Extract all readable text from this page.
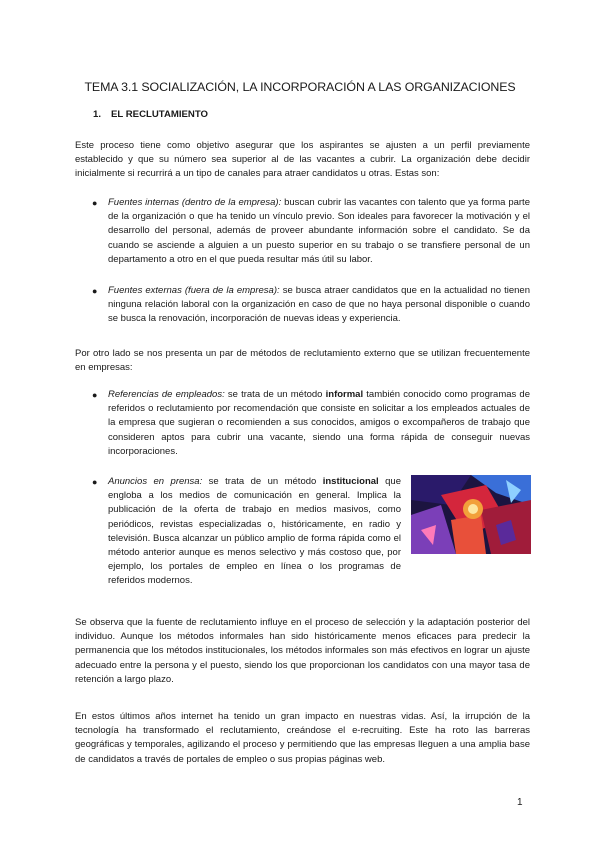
TEMA 3.1 SOCIALIZACIÓN, LA INCORPORACIÓN A LAS ORGANIZACIONES
1. EL RECLUTAMIENTO

Este proceso tiene como objetivo asegurar que los aspirantes se ajusten a un perfil previamente establecido y que su número sea superior al de las vacantes a cubrir. La organización debe decidir inicialmente si recurrirá a un tipo de canales para atraer candidatos u otras. Estas son:

●	Fuentes internas (dentro de la empresa): buscan cubrir las vacantes con talento que ya forma parte de la organización o que ha tenido un vínculo previo. Son ideales para favorecer la motivación y el desarrollo del personal, además de proveer abundante información sobre el candidato. Se da cuando se asciende a alguien a un puesto superior en su trabajo o se transfiere personal de un departamento a otro en el que pueda resultar más útil su labor.
●	Fuentes externas (fuera de la empresa): se busca atraer candidatos que en la actualidad no tienen ninguna relación laboral con la organización en caso de que no haya personal disponible o cuando se busca la renovación, incorporación de nuevas ideas y experiencia.

Por otro lado se nos presenta un par de métodos de reclutamiento externo que se utilizan frecuentemente en empresas:

●	Referencias de empleados: se trata de un método informal también conocido como programas de referidos o reclutamiento por recomendación que consiste en solicitar a los empleados actuales de la empresa que sugieran o recomienden a sus conocidos, amigos o excompañeros de trabajo que consideren aptos para cubrir una vacante, siendo una forma rápida de conseguir nuevas incorporaciones.
●	Anuncios en prensa: se trata de un método institucional que engloba a los medios de comunicación en general. Implica la publicación de la oferta de trabajo en medios masivos, como periódicos, revistas especializadas o, históricamente, en radio y televisión. Busca alcanzar un público amplio de forma rápida como el método anterior aunque es menos selectivo y más costoso que, por ejemplo, los portales de empleo en línea o los programas de referidos modernos.

Se observa que la fuente de reclutamiento influye en el proceso de selección y la adaptación posterior del individuo. Aunque los métodos informales han sido históricamente menos eficaces para predecir la permanencia que los métodos institucionales, los métodos informales son más efectivos en lograr un ajuste adecuado entre la persona y el puesto, siendo los que proporcionan los candidatos con una mayor tasa de retención a largo plazo.

En estos últimos años internet ha tenido un gran impacto en nuestras vidas. Así, la irrupción de la tecnología ha transformado el reclutamiento, creándose el e-recruiting. Este ha roto las barreras geográficas y temporales, agilizando el proceso y permitiendo que las empresas lleguen a una amplia base de candidatos a través de portales de empleo o sus propias páginas web.

1
